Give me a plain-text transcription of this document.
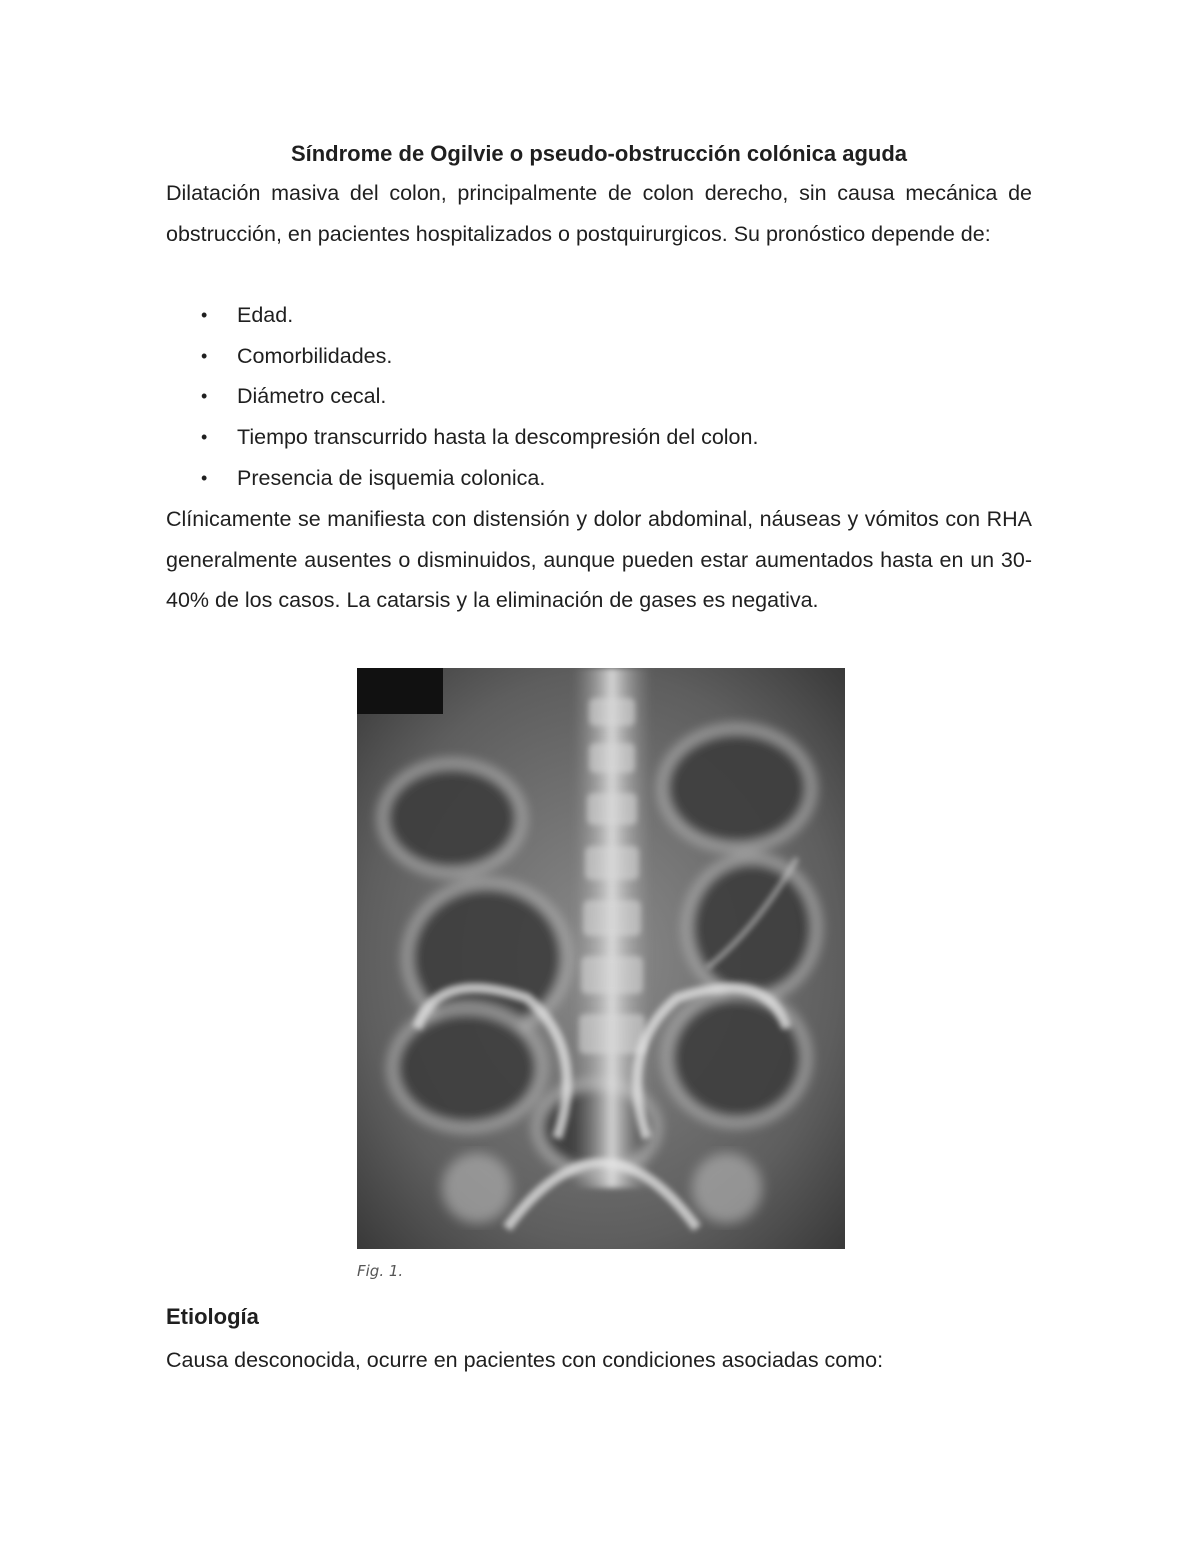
Síndrome de Ogilvie o pseudo-obstrucción colónica aguda
Dilatación masiva del colon, principalmente de colon derecho, sin causa mecánica de obstrucción, en pacientes hospitalizados o postquirurgicos. Su pronóstico depende de:
• Edad.
• Comorbilidades.
• Diámetro cecal.
• Tiempo transcurrido hasta la descompresión del colon.
• Presencia de isquemia colonica.
Clínicamente se manifiesta con distensión y dolor abdominal, náuseas y vómitos con RHA generalmente ausentes o disminuidos, aunque pueden estar aumentados hasta en un 30-40% de los casos. La catarsis y la eliminación de gases es negativa.
Fig. 1.
Etiología
Causa desconocida, ocurre en pacientes con condiciones asociadas como:
